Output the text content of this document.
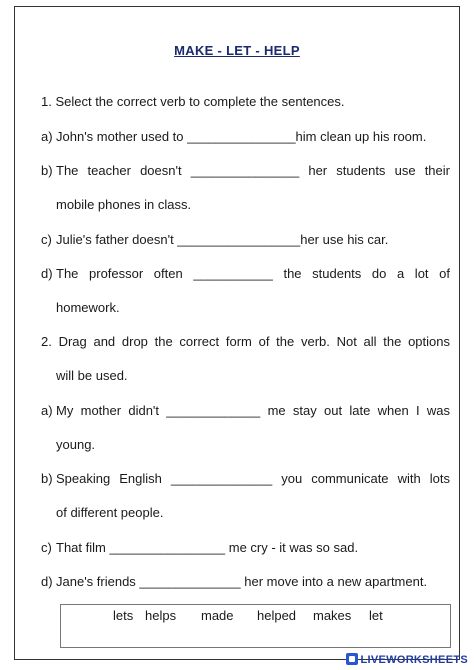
MAKE - LET - HELP
1. Select the correct verb to complete the sentences.
a) John's mother used to _______________him clean up his room.
b) The teacher doesn't _______________ her students use their
mobile phones in class.
c) Julie's father doesn't _________________her use his car.
d) The professor often ___________ the students do a lot of
homework.
2. Drag and drop the correct form of the verb. Not all the options
will be used.
a) My mother didn't _____________ me stay out late when I was
young.
b) Speaking English ______________ you communicate with lots
of different people.
c) That film ________________ me cry - it was so sad.
d) Jane's friends ______________ her move into a new apartment.
lets helps made helped makes let
LIVEWORKSHEETS
